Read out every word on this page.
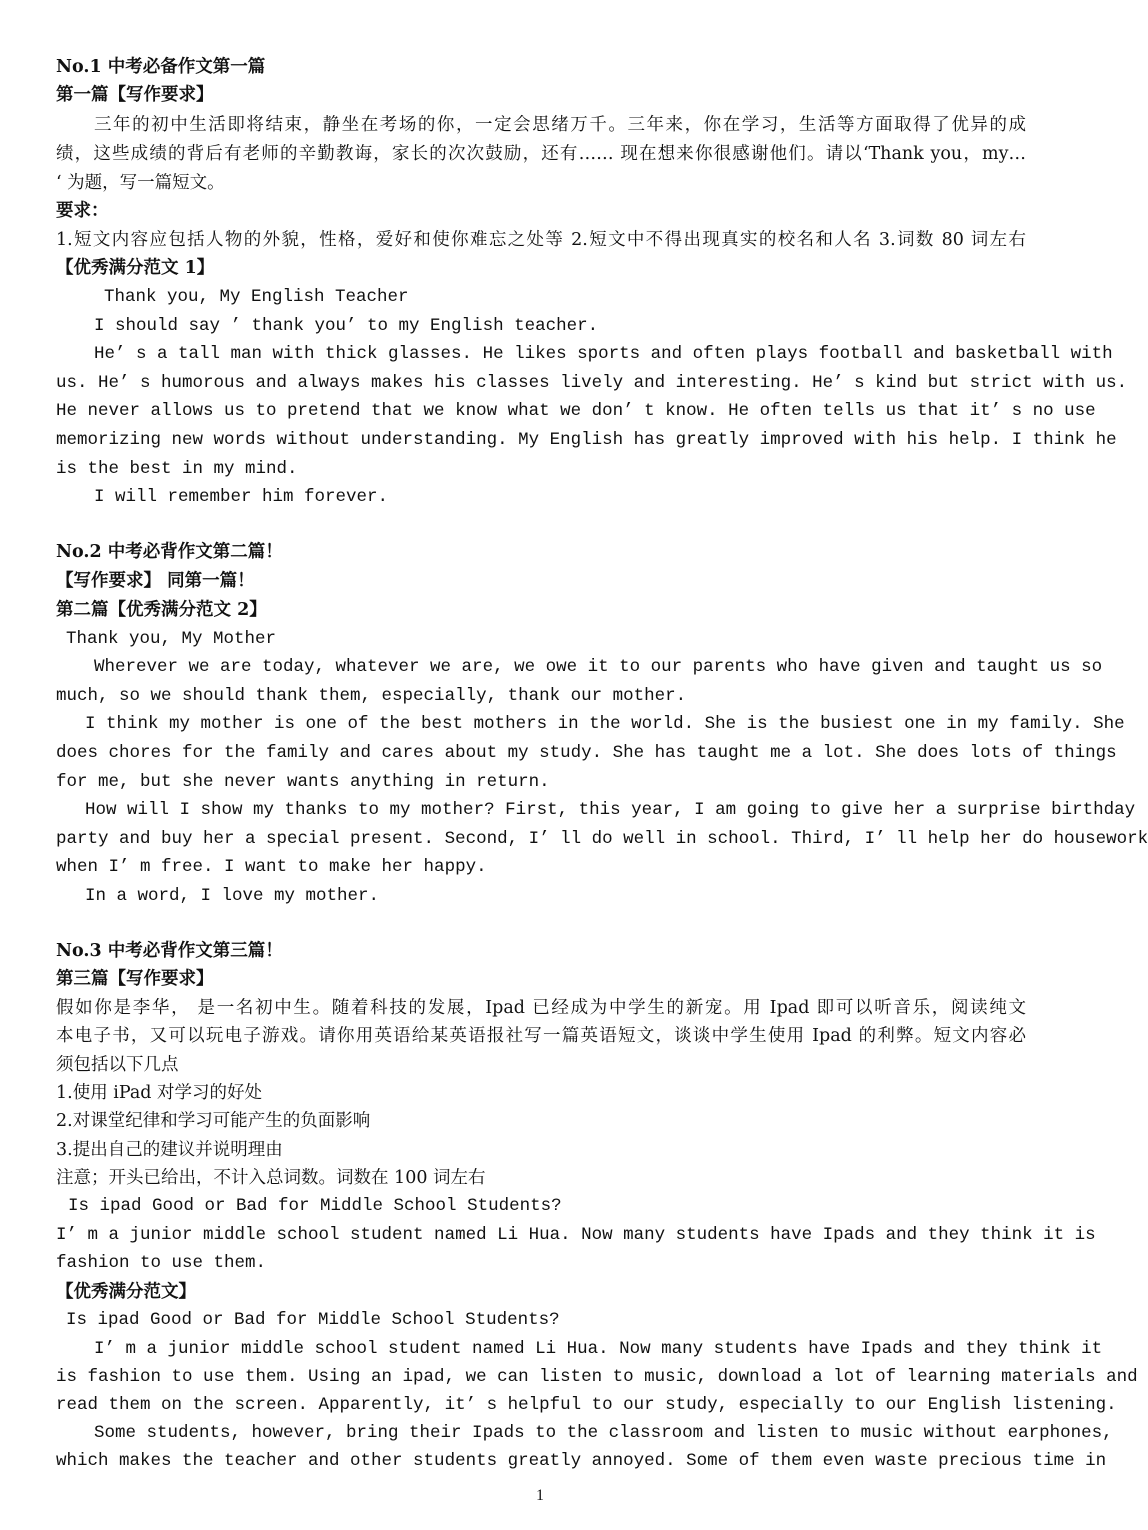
No.1 中考必备作文第一篇
第一篇【写作要求】
三年的初中生活即将结束，静坐在考场的你，一定会思绪万千。三年来，你在学习，生活等方面取得了优异的成
绩，这些成绩的背后有老师的辛勤教诲，家长的次次鼓励，还有…… 现在想来你很感谢他们。请以‘Thank you，my…
‘ 为题，写一篇短文。
要求：
1.短文内容应包括人物的外貌，性格，爱好和使你难忘之处等 2.短文中不得出现真实的校名和人名 3.词数 80 词左右
【优秀满分范文 1】
Thank you, My English Teacher
I should say ’ thank you’ to my English teacher.
He’ s a tall man with thick glasses. He likes sports and often plays football and basketball with
us. He’ s humorous and always makes his classes lively and interesting. He’ s kind but strict with us.
He never allows us to pretend that we know what we don’ t know. He often tells us that it’ s no use
memorizing new words without understanding. My English has greatly improved with his help. I think he
is the best in my mind.
I will remember him forever.
No.2 中考必背作文第二篇！
【写作要求】 同第一篇！
第二篇【优秀满分范文 2】
Thank you, My Mother
Wherever we are today, whatever we are, we owe it to our parents who have given and taught us so
much, so we should thank them, especially, thank our mother.
I think my mother is one of the best mothers in the world. She is the busiest one in my family. She
does chores for the family and cares about my study. She has taught me a lot. She does lots of things
for me, but she never wants anything in return.
How will I show my thanks to my mother? First, this year, I am going to give her a surprise birthday
party and buy her a special present. Second, I’ ll do well in school. Third, I’ ll help her do housework
when I’ m free. I want to make her happy.
In a word, I love my mother.
No.3 中考必背作文第三篇！
第三篇【写作要求】
假如你是李华， 是一名初中生。随着科技的发展，Ipad 已经成为中学生的新宠。用 Ipad 即可以听音乐，阅读纯文
本电子书，又可以玩电子游戏。请你用英语给某英语报社写一篇英语短文，谈谈中学生使用 Ipad 的利弊。短文内容必
须包括以下几点
1.使用 iPad 对学习的好处
2.对课堂纪律和学习可能产生的负面影响
3.提出自己的建议并说明理由
注意；开头已给出，不计入总词数。词数在 100 词左右
Is ipad Good or Bad for Middle School Students?
I’ m a junior middle school student named Li Hua. Now many students have Ipads and they think it is
fashion to use them.
【优秀满分范文】
Is ipad Good or Bad for Middle School Students?
I’ m a junior middle school student named Li Hua. Now many students have Ipads and they think it
is fashion to use them. Using an ipad, we can listen to music, download a lot of learning materials and
read them on the screen. Apparently, it’ s helpful to our study, especially to our English listening.
Some students, however, bring their Ipads to the classroom and listen to music without earphones,
which makes the teacher and other students greatly annoyed. Some of them even waste precious time in
1
